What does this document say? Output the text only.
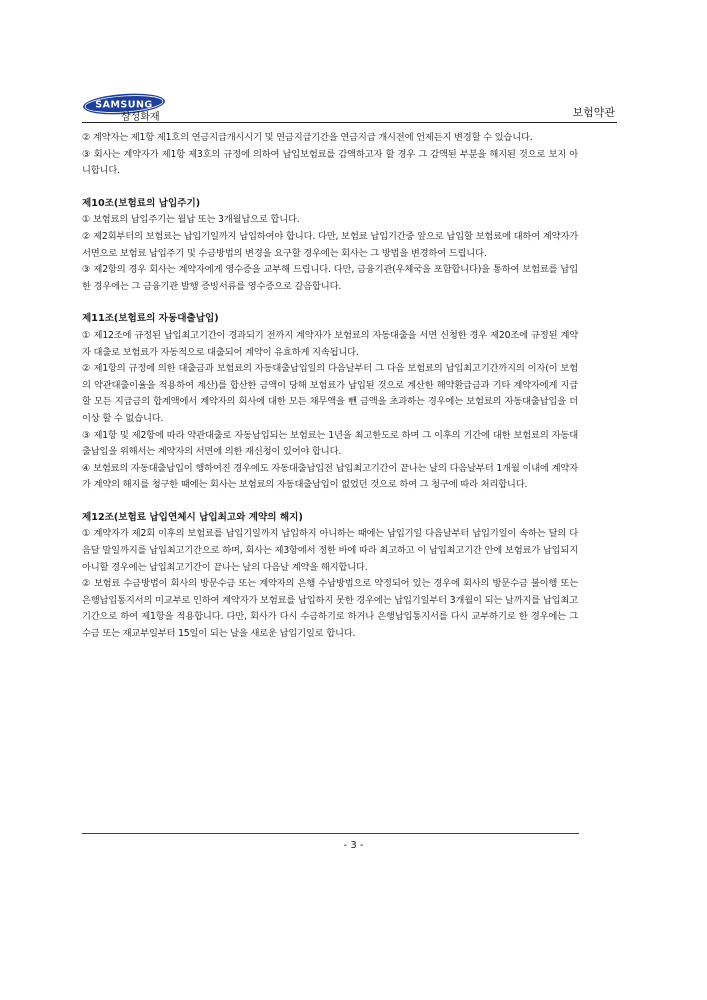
SAMSUNG
삼성화재	보험약관

② 계약자는 제1항 제1호의 연금지급개시시기 및 연금지급기간을 연금지급 개시전에 언제든지 변경할 수 있습니다.

③ 회사는 계약자가 제1항 제3호의 규정에 의하여 납입보험료를 감액하고자 할 경우 그 감액된 부분을 해지된 것으로 보지 아니합니다.

제10조(보험료의 납입주기)

① 보험료의 납입주기는 월납 또는 3개월납으로 합니다.

② 제2회부터의 보험료는 납입기일까지 납입하여야 합니다. 다만, 보험료 납입기간중 앞으로 납입할 보험료에 대하여 계약자가 서면으로 보험료 납입주기 및 수금방법의 변경을 요구할 경우에는 회사는 그 방법을 변경하여 드립니다.

③ 제2항의 경우 회사는 계약자에게 영수증을 교부해 드립니다. 다만, 금융기관(우체국을 포함합니다)을 통하여 보험료를 납입한 경우에는 그 금융기관 발행 증빙서류를 영수증으로 갈음합니다.

제11조(보험료의 자동대출납입)

① 제12조에 규정된 납입최고기간이 경과되기 전까지 계약자가 보험료의 자동대출을 서면 신청한 경우 제20조에 규정된 계약자 대출로 보험료가 자동적으로 대출되어 계약이 유효하게 지속됩니다.

② 제1항의 규정에 의한 대출금과 보험료의 자동대출납입일의 다음날부터 그 다음 보험료의 납입최고기간까지의 이자(이 보험의 약관대출이율을 적용하여 계산)를 합산한 금액이 당해 보험료가 납입된 것으로 계산한 해약환급금과 기타 계약자에게 지급할 모든 지급금의 합계액에서 계약자의 회사에 대한 모든 채무액을 뺀 금액을 초과하는 경우에는 보험료의 자동대출납입을 더 이상 할 수 없습니다.

③ 제1항 및 제2항에 따라 약관대출로 자동납입되는 보험료는 1년을 최고한도로 하며 그 이후의 기간에 대한 보험료의 자동대출납입을 위해서는 계약자의 서면에 의한 재신청이 있어야 합니다.

④ 보험료의 자동대출납입이 행하여진 경우에도 자동대출납입전 납입최고기간이 끝나는 날의 다음날부터 1개월 이내에 계약자가 계약의 해지를 청구한 때에는 회사는 보험료의 자동대출납입이 없었던 것으로 하여 그 청구에 따라 처리합니다.

제12조(보험료 납입연체시 납입최고와 계약의 해지)

① 계약자가 제2회 이후의 보험료를 납입기일까지 납입하지 아니하는 때에는 납입기일 다음날부터 납입기일이 속하는 달의 다음달 말일까지를 납입최고기간으로 하며, 회사는 제3항에서 정한 바에 따라 최고하고 이 납입최고기간 안에 보험료가 납입되지 아니할 경우에는 납입최고기간이 끝나는 날의 다음날 계약을 해지합니다.

② 보험료 수금방법이 회사의 방문수금 또는 계약자의 은행 수납방법으로 약정되어 있는 경우에 회사의 방문수금 불이행 또는 은행납입통지서의 미교부로 인하여 계약자가 보험료를 납입하지 못한 경우에는 납입기일부터 3개월이 되는 날까지를 납입최고기간으로 하여 제1항을 적용합니다. 다만, 회사가 다시 수금하기로 하거나 은행납입통지서를 다시 교부하기로 한 경우에는 그 수금 또는 재교부일부터 15일이 되는 날을 새로운 납입기일로 합니다.

- 3 -
